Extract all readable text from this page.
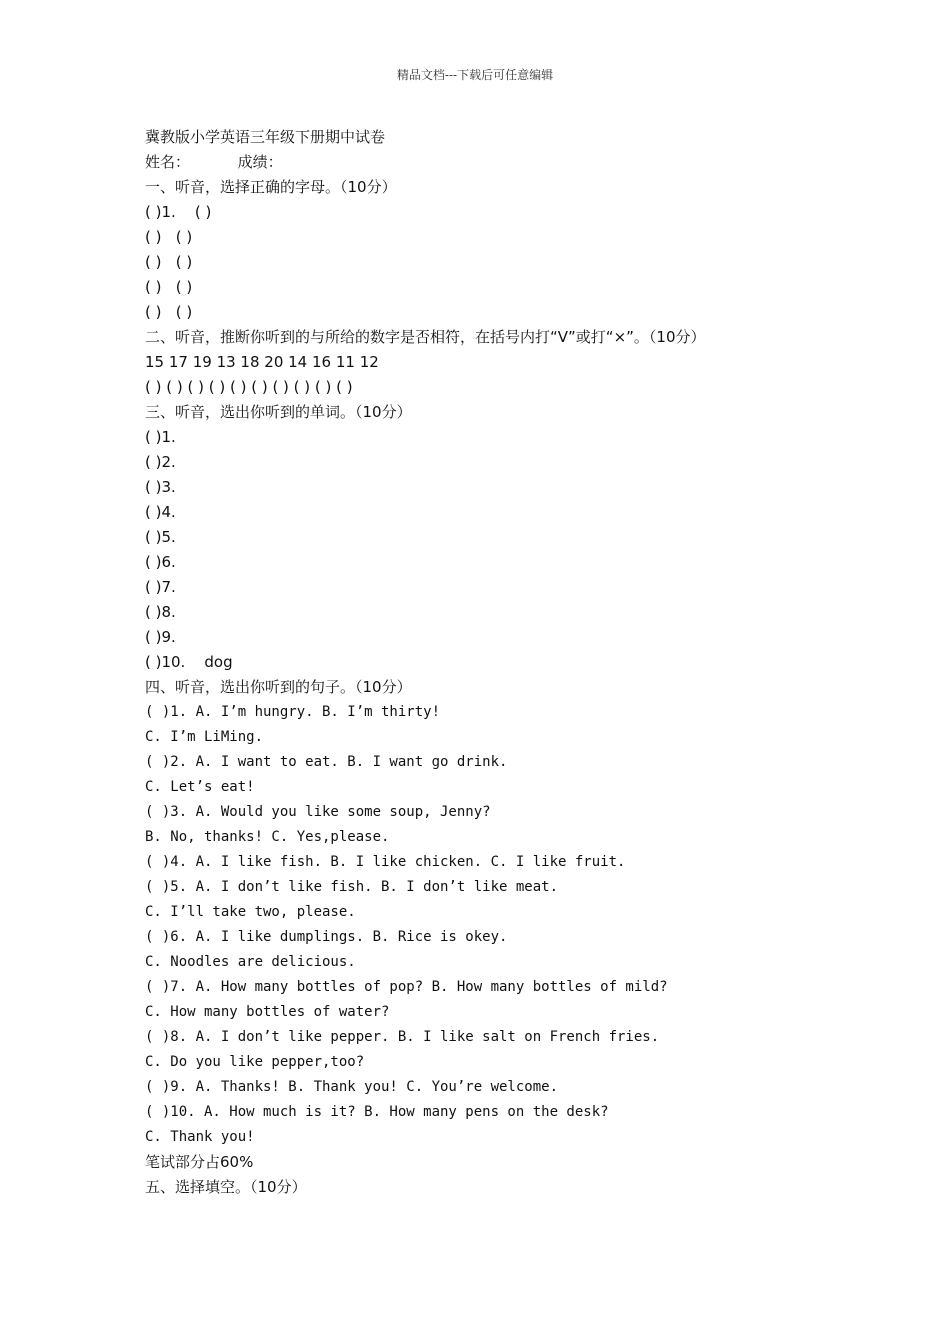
精品文档---下载后可任意编辑
冀教版小学英语三年级下册期中试卷
姓名：          成绩：
一、听音，选择正确的字母。（10分）
( )1.    ( )
( )   ( )
( )   ( )
( )   ( )
( )   ( )
二、听音，推断你听到的与所给的数字是否相符，在括号内打“V”或打“×”。（10分）
15 17 19 13 18 20 14 16 11 12
( ) ( ) ( ) ( ) ( ) ( ) ( ) ( ) ( ) ( )
三、听音，选出你听到的单词。（10分）
( )1.
( )2.
( )3.
( )4.
( )5.
( )6.
( )7.
( )8.
( )9.
( )10.    dog
四、听音，选出你听到的句子。（10分）
( )1. A. I’m hungry. B. I’m thirty!
C. I’m LiMing.
( )2. A. I want to eat. B. I want go drink.
C. Let’s eat!
( )3. A. Would you like some soup, Jenny?
B. No, thanks! C. Yes,please.
( )4. A. I like fish. B. I like chicken. C. I like fruit.
( )5. A. I don’t like fish. B. I don’t like meat.
C. I’ll take two, please.
( )6. A. I like dumplings. B. Rice is okey.
C. Noodles are delicious.
( )7. A. How many bottles of pop? B. How many bottles of mild?
C. How many bottles of water?
( )8. A. I don’t like pepper. B. I like salt on French fries.
C. Do you like pepper,too?
( )9. A. Thanks! B. Thank you! C. You’re welcome.
( )10. A. How much is it? B. How many pens on the desk?
C. Thank you!
笔试部分占60%
五、选择填空。（10分）
